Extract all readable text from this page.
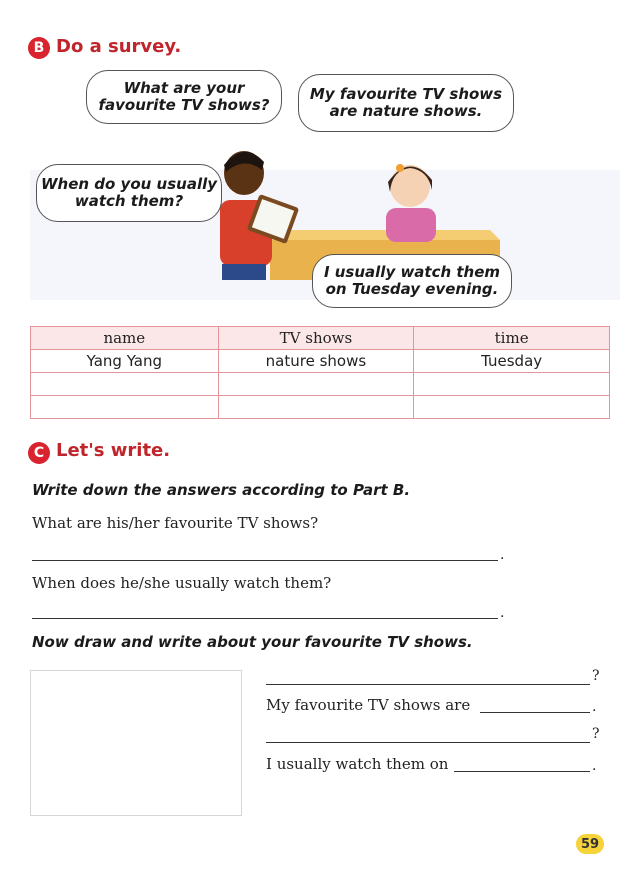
B Do a survey.
What are your
favourite TV shows?
My favourite TV shows
are nature shows.
When do you usually
watch them?
I usually watch them
on Tuesday evening.
name	TV shows	time
Yang Yang	nature shows	Tuesday

C Let's write.
Write down the answers according to Part B.
What are his/her favourite TV shows?
.
When does he/she usually watch them?
.
Now draw and write about your favourite TV shows.
?
My favourite TV shows are	.
?
I usually watch them on	.
59
